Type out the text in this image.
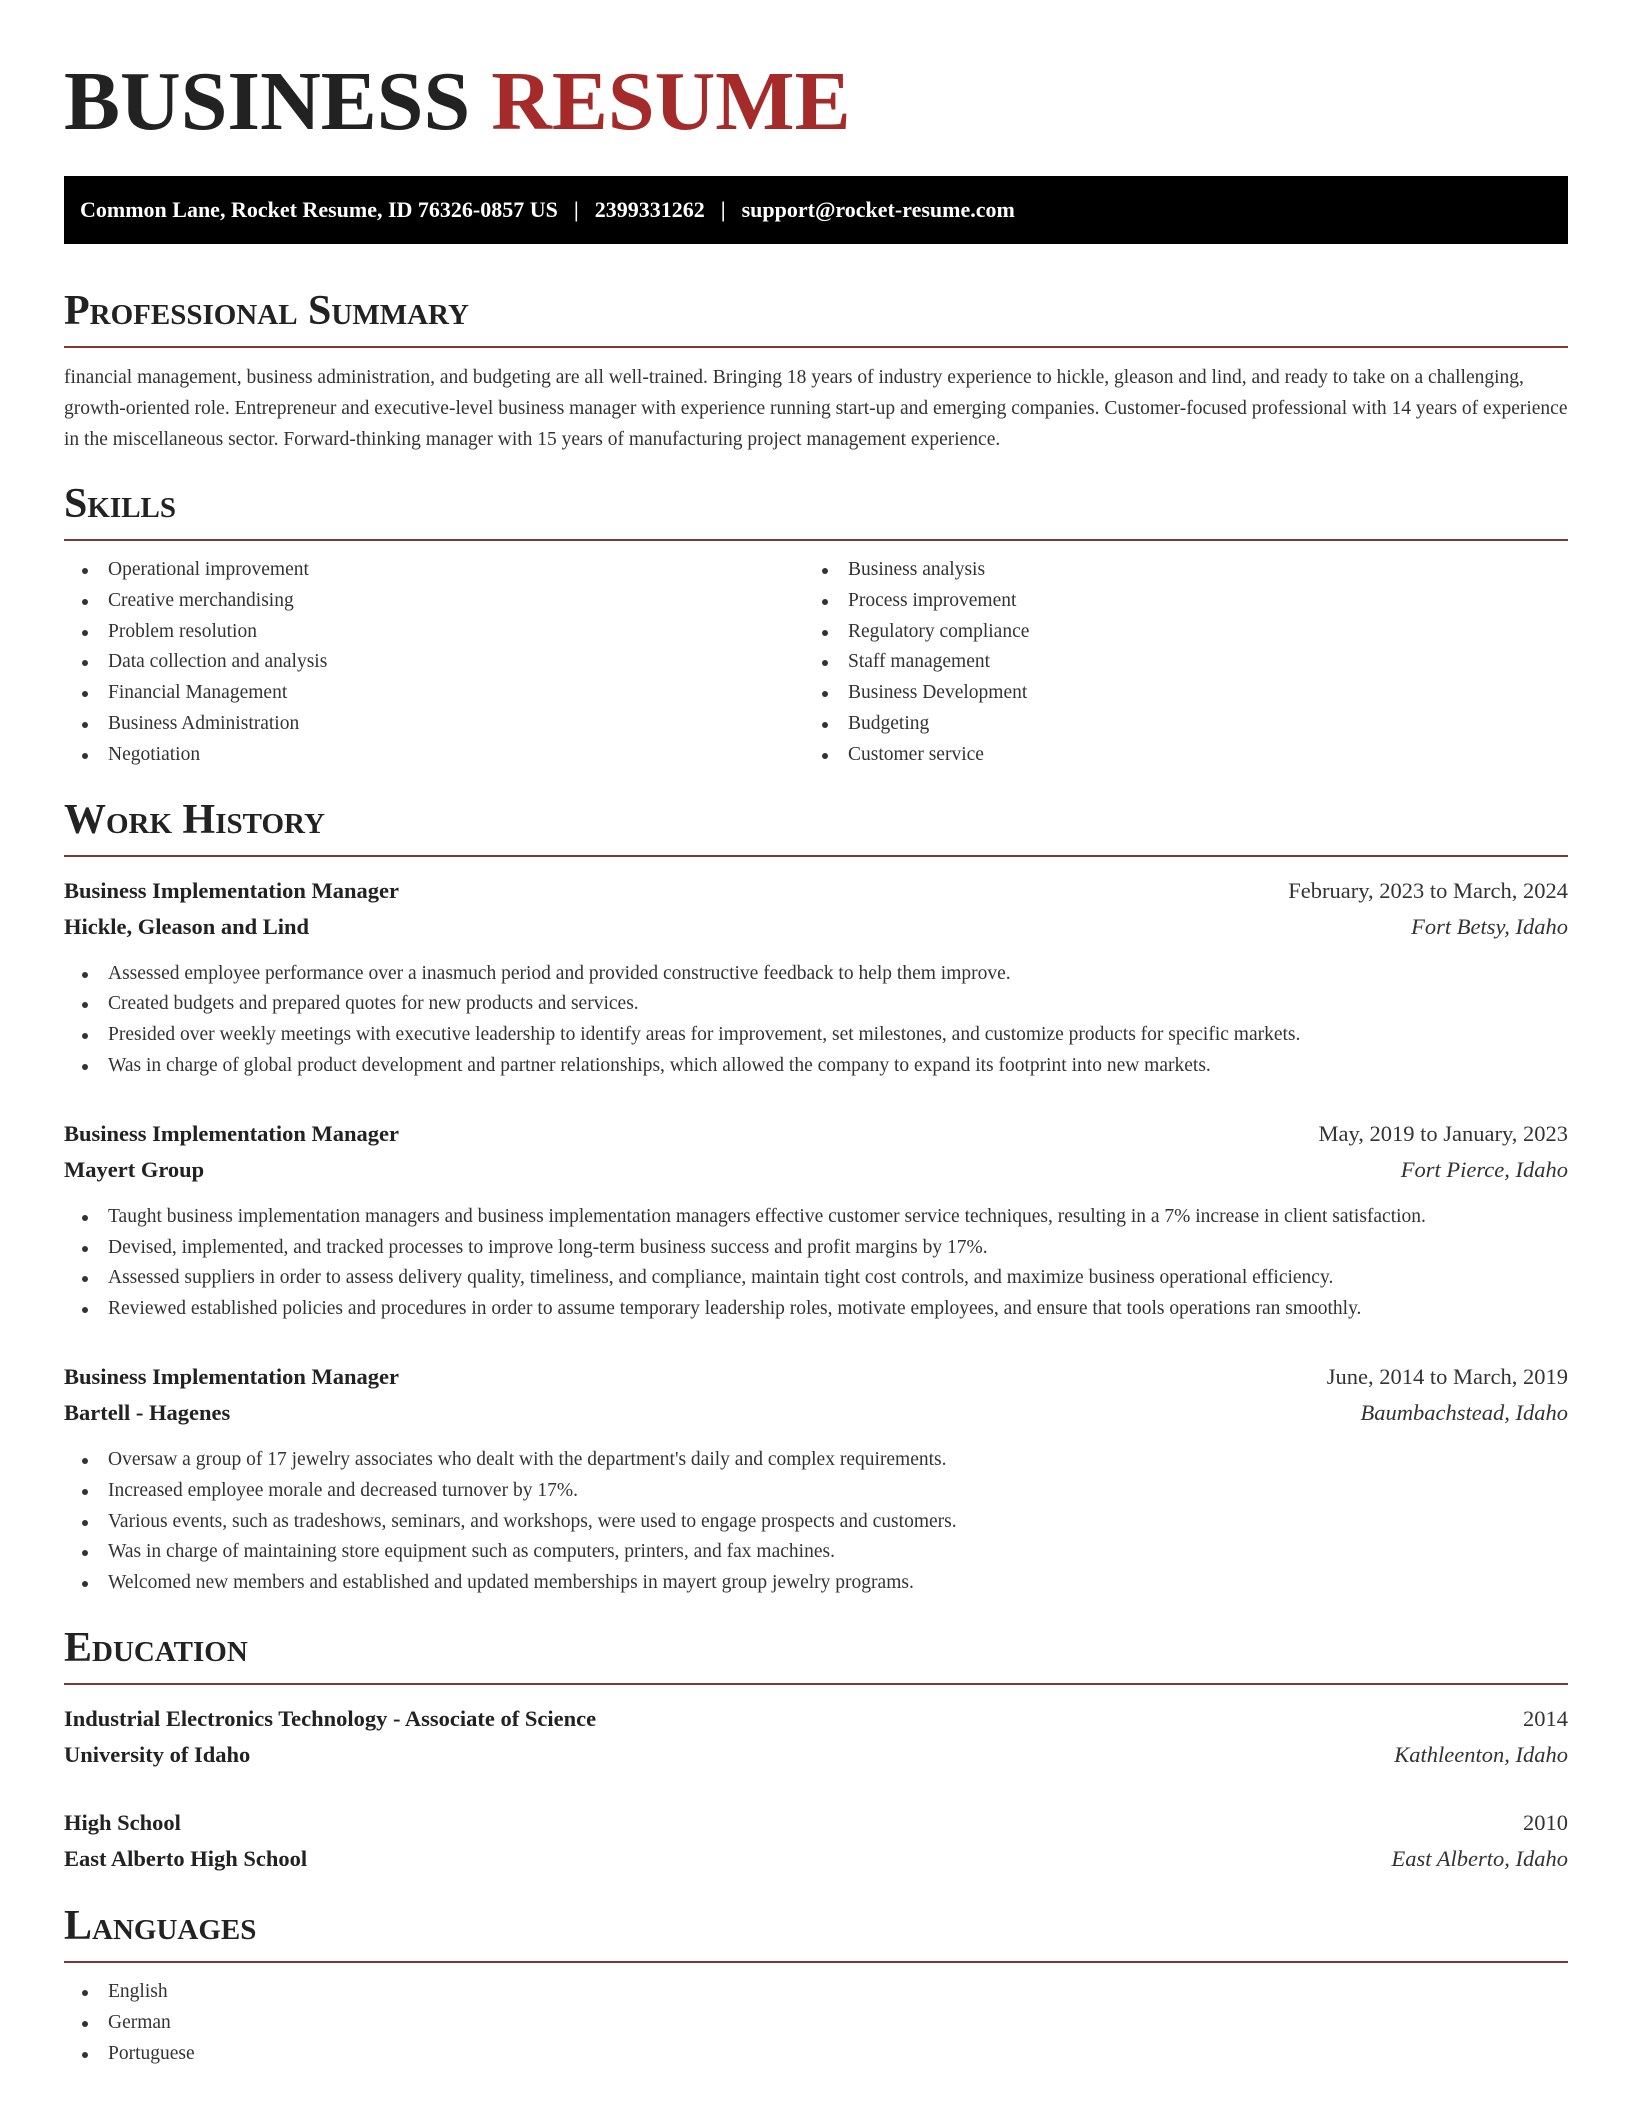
BUSINESS RESUME
Common Lane, Rocket Resume, ID 76326-0857 US | 2399331262 | support@rocket-resume.com
Professional Summary

financial management, business administration, and budgeting are all well-trained. Bringing 18 years of industry experience to hickle, gleason and lind, and ready to take on a challenging, growth-oriented role. Entrepreneur and executive-level business manager with experience running start-up and emerging companies. Customer-focused professional with 14 years of experience in the miscellaneous sector. Forward-thinking manager with 15 years of manufacturing project management experience.

Skills
Operational improvement
Creative merchandising
Problem resolution
Data collection and analysis
Financial Management
Business Administration
Negotiation
Business analysis
Process improvement
Regulatory compliance
Staff management
Business Development
Budgeting
Customer service
Work History
Business Implementation Manager	February, 2023 to March, 2024
Hickle, Gleason and Lind	Fort Betsy, Idaho
Assessed employee performance over a inasmuch period and provided constructive feedback to help them improve.
Created budgets and prepared quotes for new products and services.
Presided over weekly meetings with executive leadership to identify areas for improvement, set milestones, and customize products for specific markets.
Was in charge of global product development and partner relationships, which allowed the company to expand its footprint into new markets.
Business Implementation Manager	May, 2019 to January, 2023
Mayert Group	Fort Pierce, Idaho
Taught business implementation managers and business implementation managers effective customer service techniques, resulting in a 7% increase in client satisfaction.
Devised, implemented, and tracked processes to improve long-term business success and profit margins by 17%.
Assessed suppliers in order to assess delivery quality, timeliness, and compliance, maintain tight cost controls, and maximize business operational efficiency.
Reviewed established policies and procedures in order to assume temporary leadership roles, motivate employees, and ensure that tools operations ran smoothly.
Business Implementation Manager	June, 2014 to March, 2019
Bartell - Hagenes	Baumbachstead, Idaho
Oversaw a group of 17 jewelry associates who dealt with the department's daily and complex requirements.
Increased employee morale and decreased turnover by 17%.
Various events, such as tradeshows, seminars, and workshops, were used to engage prospects and customers.
Was in charge of maintaining store equipment such as computers, printers, and fax machines.
Welcomed new members and established and updated memberships in mayert group jewelry programs.
Education
Industrial Electronics Technology - Associate of Science	2014
University of Idaho	Kathleenton, Idaho
High School	2010
East Alberto High School	East Alberto, Idaho
Languages
English
German
Portuguese
